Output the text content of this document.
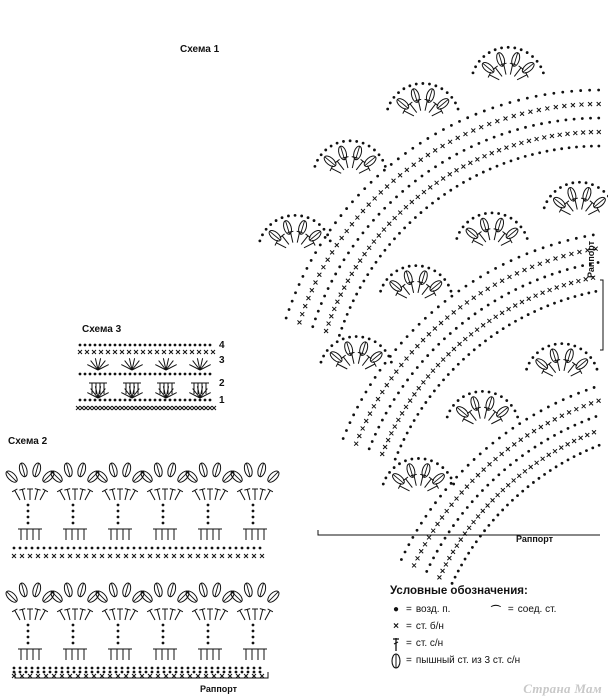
Схема 1
Схема 3
Схема 2
4
3
2
1
Раппорт
Раппорт
Раппорт
Условные обозначения:
● = возд. п.	⌒ = соед. ст.
× = ст. б/н
= ст. с/н
= пышный ст. из 3 ст. с/н
Страна Мам
